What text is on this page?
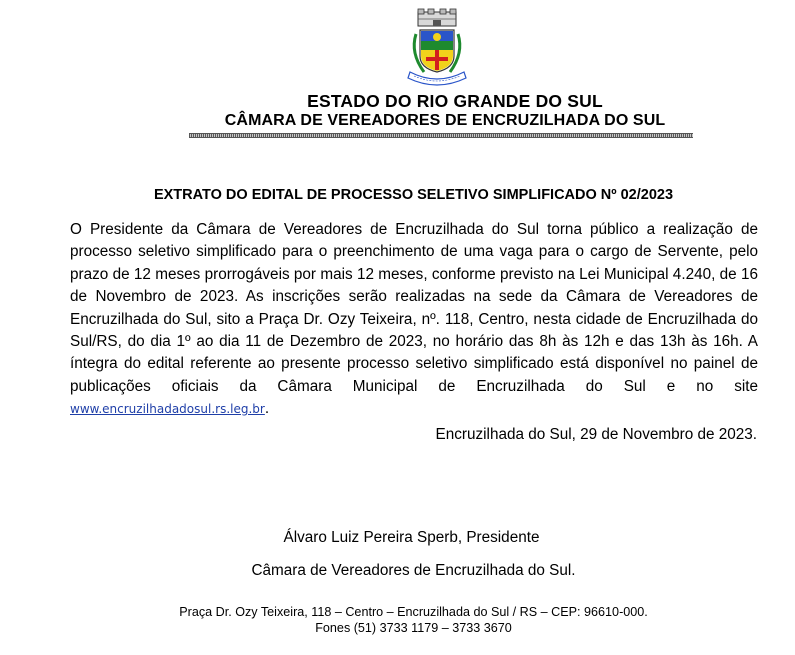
ESTADO DO RIO GRANDE DO SUL
CÂMARA DE VEREADORES DE ENCRUZILHADA DO SUL
EXTRATO DO EDITAL DE PROCESSO SELETIVO SIMPLIFICADO Nº 02/2023

O Presidente da Câmara de Vereadores de Encruzilhada do Sul torna público a realização de processo seletivo simplificado para o preenchimento de uma vaga para o cargo de Servente, pelo prazo de 12 meses prorrogáveis por mais 12 meses, conforme previsto na Lei Municipal 4.240, de 16 de Novembro de 2023. As inscrições serão realizadas na sede da Câmara de Vereadores de Encruzilhada do Sul, sito a Praça Dr. Ozy Teixeira, nº. 118, Centro, nesta cidade de Encruzilhada do Sul/RS, do dia 1º ao dia 11 de Dezembro de 2023, no horário das 8h às 12h e das 13h às 16h. A íntegra do edital referente ao presente processo seletivo simplificado está disponível no painel de publicações oficiais da Câmara Municipal de Encruzilhada do Sul e no site www.encruzilhadadosul.rs.leg.br.

Encruzilhada do Sul, 29 de Novembro de 2023.
Álvaro Luiz Pereira Sperb, Presidente
Câmara de Vereadores de Encruzilhada do Sul.
Praça Dr. Ozy Teixeira, 118 – Centro – Encruzilhada do Sul / RS – CEP: 96610-000.
Fones (51) 3733 1179 – 3733 3670
